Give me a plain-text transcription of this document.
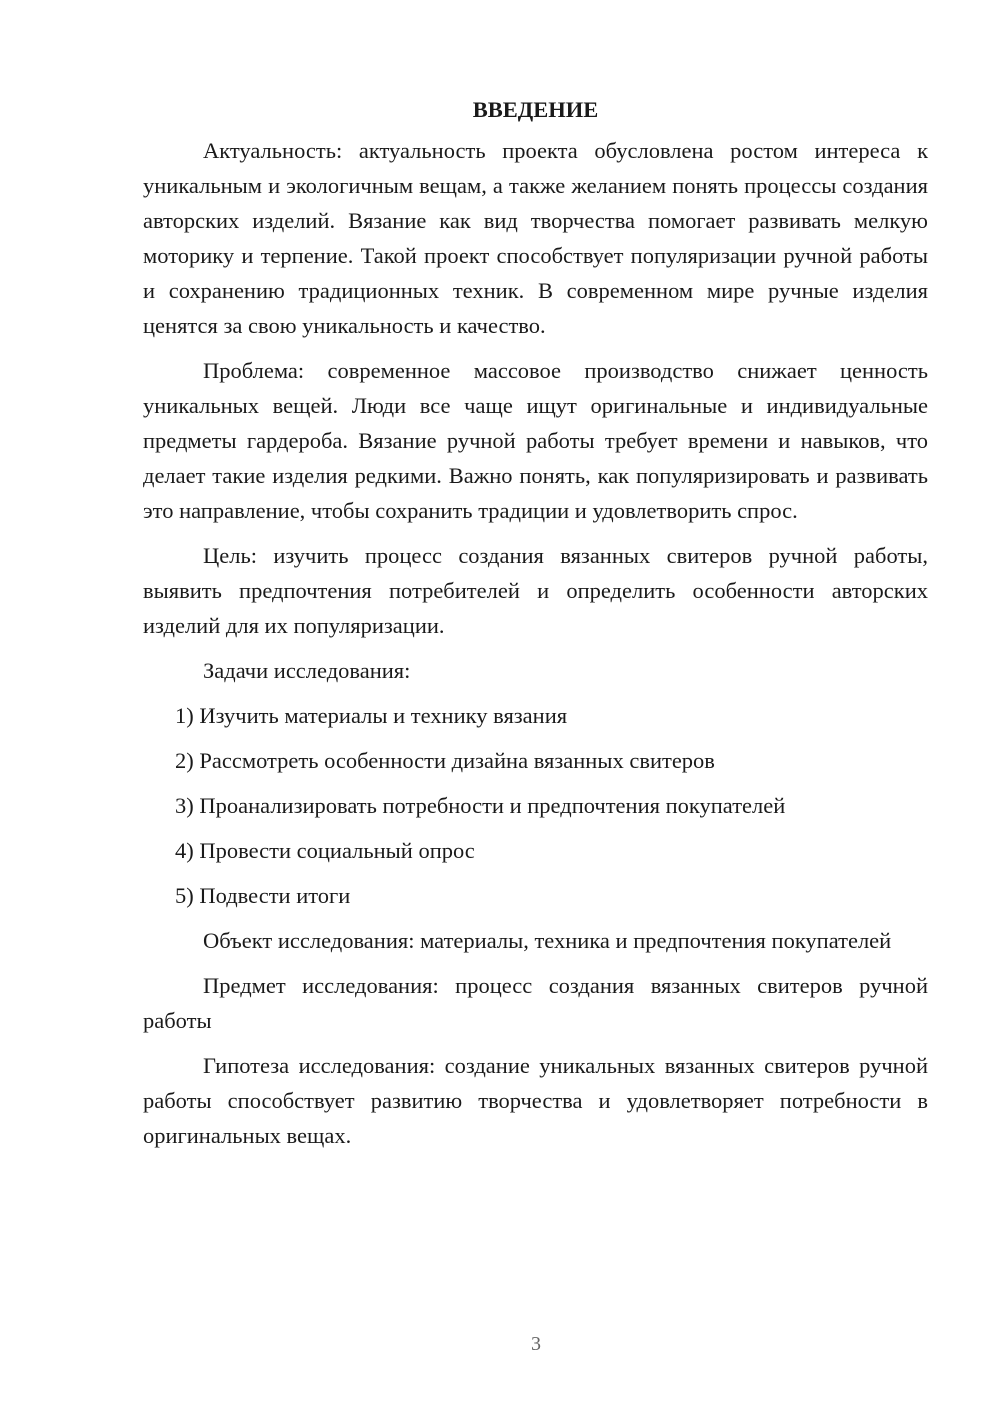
ВВЕДЕНИЕ

Актуальность: актуальность проекта обусловлена ростом интереса к уникальным и экологичным вещам, а также желанием понять процессы создания авторских изделий. Вязание как вид творчества помогает развивать мелкую моторику и терпение. Такой проект способствует популяризации ручной работы и сохранению традиционных техник. В современном мире ручные изделия ценятся за свою уникальность и качество.

Проблема: современное массовое производство снижает ценность уникальных вещей. Люди все чаще ищут оригинальные и индивидуальные предметы гардероба. Вязание ручной работы требует времени и навыков, что делает такие изделия редкими. Важно понять, как популяризировать и развивать это направление, чтобы сохранить традиции и удовлетворить спрос.

Цель: изучить процесс создания вязанных свитеров ручной работы, выявить предпочтения потребителей и определить особенности авторских изделий для их популяризации.

Задачи исследования:
1) Изучить материалы и технику вязания
2) Рассмотреть особенности дизайна вязанных свитеров
3) Проанализировать потребности и предпочтения покупателей
4) Провести социальный опрос
5) Подвести итоги

Объект исследования: материалы, техника и предпочтения покупателей

Предмет исследования: процесс создания вязанных свитеров ручной работы

Гипотеза исследования: создание уникальных вязанных свитеров ручной работы способствует развитию творчества и удовлетворяет потребности в оригинальных вещах.

3
